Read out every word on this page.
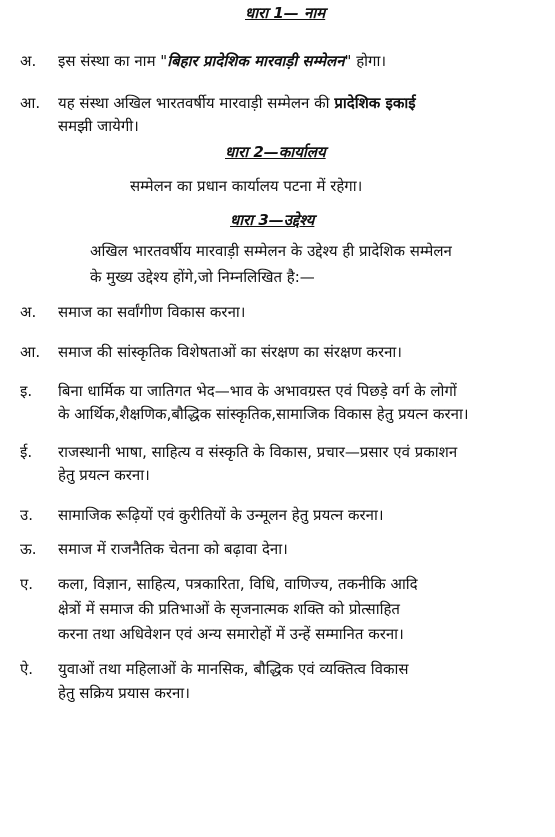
धारा 1— नाम
अ. इस संस्था का नाम "बिहार प्रादेशिक मारवाड़ी सम्मेलन" होगा।
आ. यह संस्था अखिल भारतवर्षीय मारवाड़ी सम्मेलन की प्रादेशिक इकाई
समझी जायेगी।
धारा 2—कार्यालय
सम्मेलन का प्रधान कार्यालय पटना में रहेगा।
धारा 3—उद्देश्य
अखिल भारतवर्षीय मारवाड़ी सम्मेलन के उद्देश्य ही प्रादेशिक सम्मेलन
के मुख्य उद्देश्य होंगे,जो निम्नलिखित है:—
अ. समाज का सर्वांगीण विकास करना।
आ. समाज की सांस्कृतिक विशेषताओं का संरक्षण का संरक्षण करना।
इ. बिना धार्मिक या जातिगत भेद—भाव के अभावग्रस्त एवं पिछड़े वर्ग के लोगों
के आर्थिक,शैक्षणिक,बौद्धिक सांस्कृतिक,सामाजिक विकास हेतु प्रयत्न करना।
ई. राजस्थानी भाषा, साहित्य व संस्कृति के विकास, प्रचार—प्रसार एवं प्रकाशन
हेतु प्रयत्न करना।
उ. सामाजिक रूढ़ियों एवं कुरीतियों के उन्मूलन हेतु प्रयत्न करना।
ऊ. समाज में राजनैतिक चेतना को बढ़ावा देना।
ए. कला, विज्ञान, साहित्य, पत्रकारिता, विधि, वाणिज्य, तकनीकि आदि
क्षेत्रों में समाज की प्रतिभाओं के सृजनात्मक शक्ति को प्रोत्साहित
करना तथा अधिवेशन एवं अन्य समारोहों में उन्हें सम्मानित करना।
ऐ. युवाओं तथा महिलाओं के मानसिक, बौद्धिक एवं व्यक्तित्व विकास
हेतु सक्रिय प्रयास करना।
